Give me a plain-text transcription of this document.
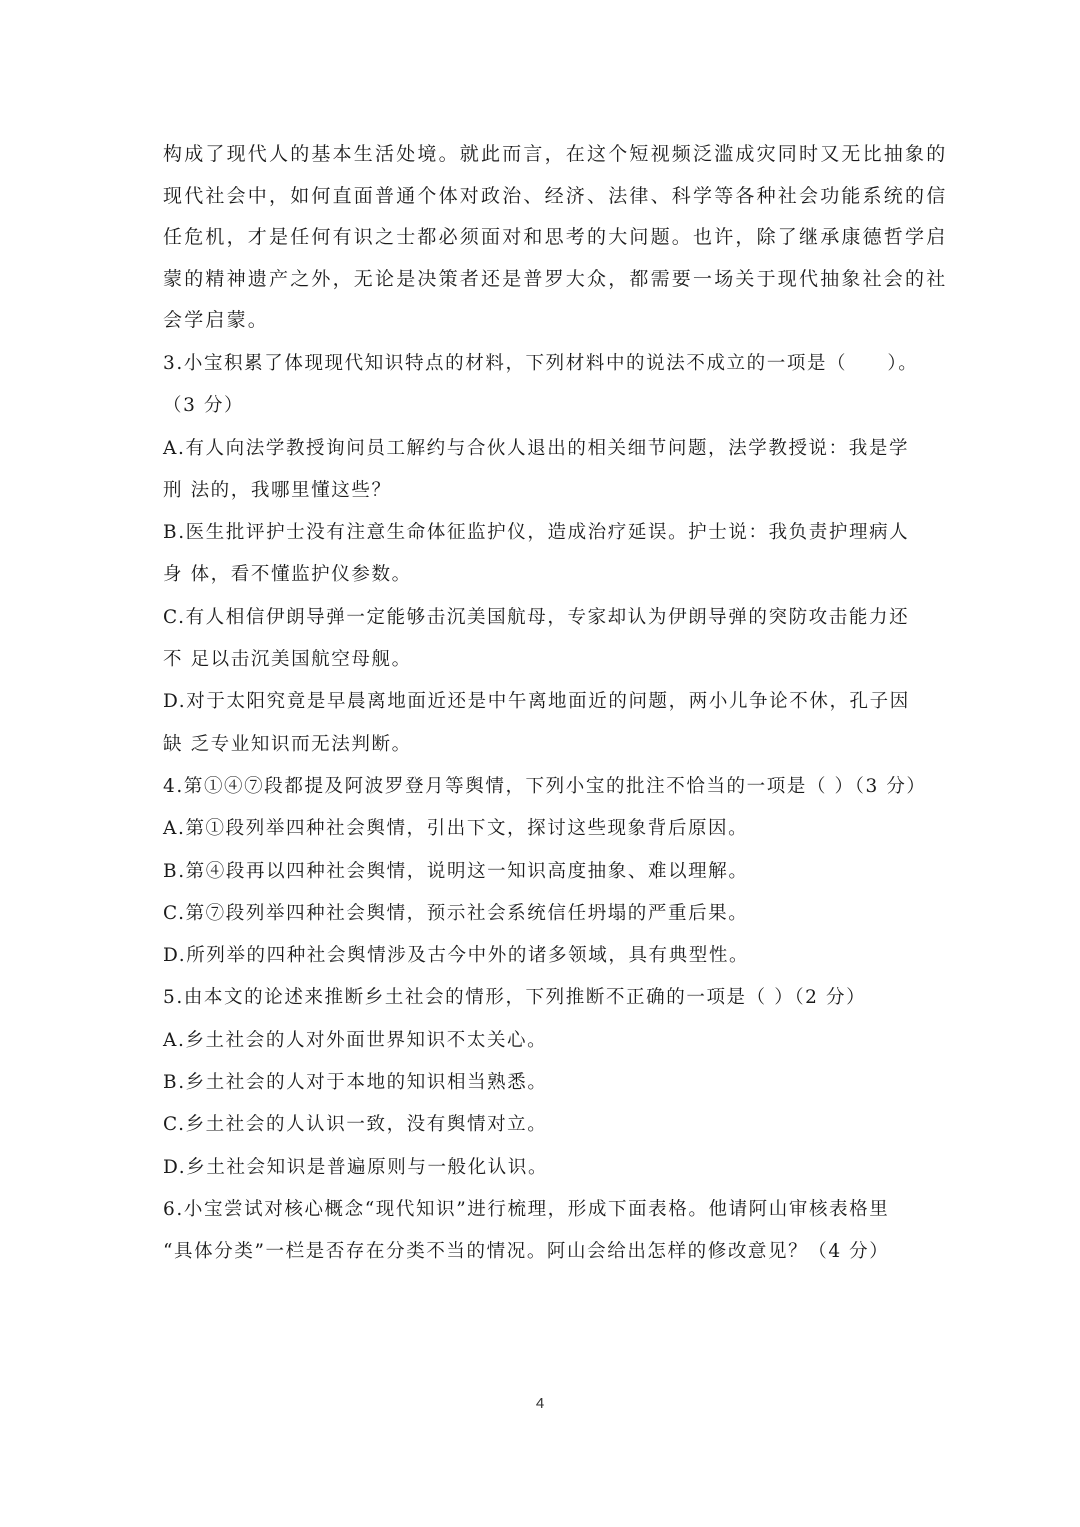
构成了现代人的基本生活处境。就此而言，在这个短视频泛滥成灾同时又无比抽象的
现代社会中，如何直面普通个体对政治、经济、法律、科学等各种社会功能系统的信
任危机，才是任何有识之士都必须面对和思考的大问题。也许，除了继承康德哲学启
蒙的精神遗产之外，无论是决策者还是普罗大众，都需要一场关于现代抽象社会的社
会学启蒙。
3.小宝积累了体现现代知识特点的材料，下列材料中的说法不成立的一项是（　　）。
（3 分）
A.有人向法学教授询问员工解约与合伙人退出的相关细节问题，法学教授说：我是学
刑 法的，我哪里懂这些？
B.医生批评护士没有注意生命体征监护仪，造成治疗延误。护士说：我负责护理病人
身 体，看不懂监护仪参数。
C.有人相信伊朗导弹一定能够击沉美国航母，专家却认为伊朗导弹的突防攻击能力还
不 足以击沉美国航空母舰。
D.对于太阳究竟是早晨离地面近还是中午离地面近的问题，两小儿争论不休，孔子因
缺 乏专业知识而无法判断。
4.第①④⑦段都提及阿波罗登月等舆情，下列小宝的批注不恰当的一项是（ ）（3 分）
A.第①段列举四种社会舆情，引出下文，探讨这些现象背后原因。
B.第④段再以四种社会舆情，说明这一知识高度抽象、难以理解。
C.第⑦段列举四种社会舆情，预示社会系统信任坍塌的严重后果。
D.所列举的四种社会舆情涉及古今中外的诸多领域，具有典型性。
5.由本文的论述来推断乡土社会的情形，下列推断不正确的一项是（ ）（2 分）
A.乡土社会的人对外面世界知识不太关心。
B.乡土社会的人对于本地的知识相当熟悉。
C.乡土社会的人认识一致，没有舆情对立。
D.乡土社会知识是普遍原则与一般化认识。
6.小宝尝试对核心概念“现代知识”进行梳理，形成下面表格。他请阿山审核表格里
“具体分类”一栏是否存在分类不当的情况。阿山会给出怎样的修改意见？（4 分）
4
